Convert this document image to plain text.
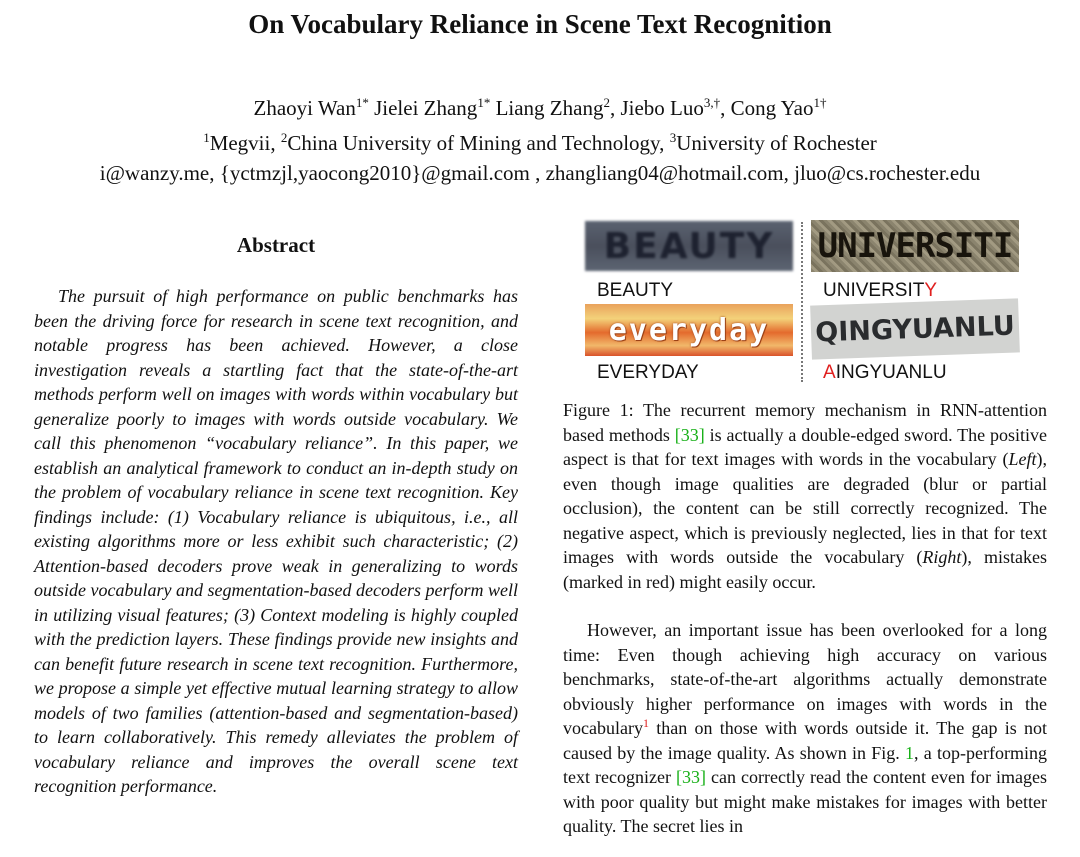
On Vocabulary Reliance in Scene Text Recognition
Zhaoyi Wan$^{1*}$ Jielei Zhang$^{1*}$ Liang Zhang$^2$, Jiebo Luo$^{3,\dagger}$, Cong Yao$^{1\dagger}$
$^1$Megvii, $^2$China University of Mining and Technology, $^3$University of Rochester
i@wanzy.me, {yctmzjl,yaocong2010}@gmail.com , zhangliang04@hotmail.com, jluo@cs.rochester.edu
Abstract

The pursuit of high performance on public benchmarks has been the driving force for research in scene text recognition, and notable progress has been achieved. However, a close investigation reveals a startling fact that the state-of-the-art methods perform well on images with words within vocabulary but generalize poorly to images with words outside vocabulary. We call this phenomenon “vocabulary reliance”. In this paper, we establish an analytical framework to conduct an in-depth study on the problem of vocabulary reliance in scene text recognition. Key findings include: (1) Vocabulary reliance is ubiquitous, i.e., all existing algorithms more or less exhibit such characteristic; (2) Attention-based decoders prove weak in generalizing to words outside vocabulary and segmentation-based decoders perform well in utilizing visual features; (3) Context modeling is highly coupled with the prediction layers. These findings provide new insights and can benefit future research in scene text recognition. Furthermore, we propose a simple yet effective mutual learning strategy to allow models of two families (attention-based and segmentation-based) to learn collaboratively. This remedy alleviates the problem of vocabulary reliance and improves the overall scene text recognition performance.

BEAUTY	UNIVERSITI
everyday	QINGYUANLU
BEAUTY	UNIVERSITY
EVERYDAY	AINGYUANLU

Figure 1: The recurrent memory mechanism in RNN-attention based methods [33] is actually a double-edged sword. The positive aspect is that for text images with words in the vocabulary (Left), even though image qualities are degraded (blur or partial occlusion), the content can be still correctly recognized. The negative aspect, which is previously neglected, lies in that for text images with words outside the vocabulary (Right), mistakes (marked in red) might easily occur.

However, an important issue has been overlooked for a long time: Even though achieving high accuracy on various benchmarks, state-of-the-art algorithms actually demonstrate obviously higher performance on images with words in the vocabulary$^1$ than on those with words outside it. The gap is not caused by the image quality. As shown in Fig. 1, a top-performing text recognizer [33] can correctly read the content even for images with poor quality but might make mistakes for images with better quality. The secret lies in
